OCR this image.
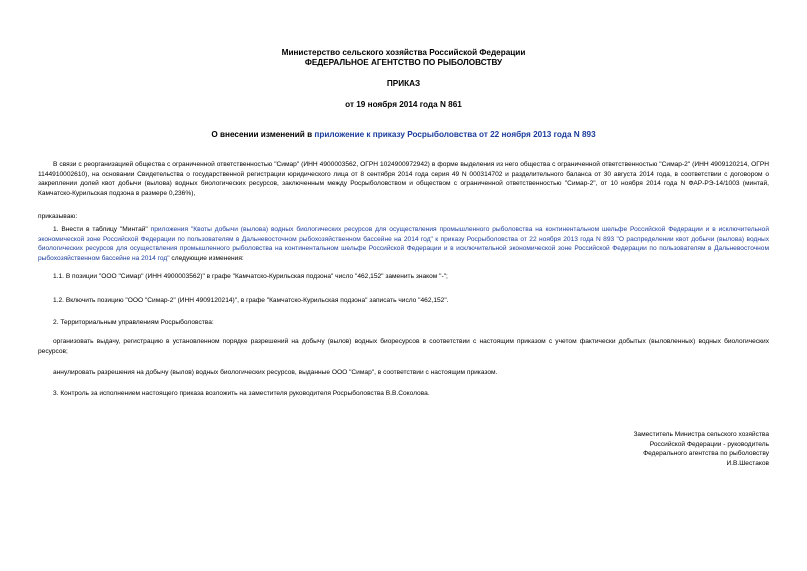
Министерство сельского хозяйства Российской Федерации
ФЕДЕРАЛЬНОЕ АГЕНТСТВО ПО РЫБОЛОВСТВУ
ПРИКАЗ
от 19 ноября 2014 года N 861
О внесении изменений в приложение к приказу Росрыболовства от 22 ноября 2013 года N 893
В связи с реорганизацией общества с ограниченной ответственностью "Симар" (ИНН 4900003562, ОГРН 1024900972942) в форме выделения из него общества с ограниченной ответственностью "Симар-2" (ИНН 4909120214, ОГРН 1144910002610), на основании Свидетельства о государственной регистрации юридического лица от 8 сентября 2014 года серия 49 N 000314702 и разделительного баланса от 30 августа 2014 года, в соответствии с договором о закреплении долей квот добычи (вылова) водных биологических ресурсов, заключенным между Росрыболовством и обществом с ограниченной ответственностью "Симар-2", от 10 ноября 2014 года N ФАР-РЭ-14/1003 (минтай, Камчатско-Курильская подзона в размере 0,236%),
приказываю:
1. Внести в таблицу "Минтай" приложения "Квоты добычи (вылова) водных биологических ресурсов для осуществления промышленного рыболовства на континентальном шельфе Российской Федерации и в исключительной экономической зоне Российской Федерации по пользователям в Дальневосточном рыбохозяйственном бассейне на 2014 год" к приказу Росрыболовства от 22 ноября 2013 года N 893 "О распределении квот добычи (вылова) водных биологических ресурсов для осуществления промышленного рыболовства на континентальном шельфе Российской Федерации и в исключительной экономической зоне Российской Федерации по пользователям в Дальневосточном рыбохозяйственном бассейне на 2014 год" следующие изменения:
1.1. В позиции "ООО "Симар" (ИНН 4900003562)" в графе "Камчатско-Курильская подзона" число "462,152" заменить знаком "-";
1.2. Включить позицию "ООО "Симар-2" (ИНН 4909120214)", в графе "Камчатско-Курильская подзона" записать число "462,152".
2. Территориальным управлениям Росрыболовства:
организовать выдачу, регистрацию в установленном порядке разрешений на добычу (вылов) водных биоресурсов в соответствии с настоящим приказом с учетом фактически добытых (выловленных) водных биологических ресурсов;
аннулировать разрешения на добычу (вылов) водных биологических ресурсов, выданные ООО "Симар", в соответствии с настоящим приказом.
3. Контроль за исполнением настоящего приказа возложить на заместителя руководителя Росрыболовства В.В.Соколова.
Заместитель Министра сельского хозяйства
Российской Федерации - руководитель
Федерального агентства по рыболовству
И.В.Шестаков
